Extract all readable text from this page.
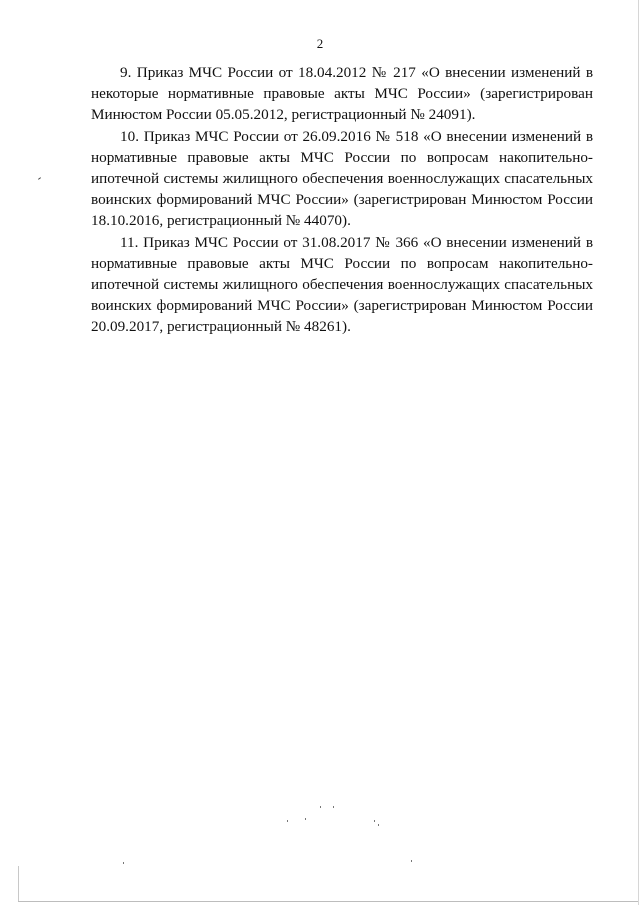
2

9. Приказ МЧС России от 18.04.2012 № 217 «О внесении изменений в некоторые нормативные правовые акты МЧС России» (зарегистрирован Минюстом России 05.05.2012, регистрационный № 24091).

10. Приказ МЧС России от 26.09.2016 № 518 «О внесении изменений в нормативные правовые акты МЧС России по вопросам накопительно-ипотечной системы жилищного обеспечения военнослужащих спасательных воинских формирований МЧС России» (зарегистрирован Минюстом России 18.10.2016, регистрационный № 44070).

11. Приказ МЧС России от 31.08.2017 № 366 «О внесении изменений в нормативные правовые акты МЧС России по вопросам накопительно-ипотечной системы жилищного обеспечения военнослужащих спасательных воинских формирований МЧС России» (зарегистрирован Минюстом России 20.09.2017, регистрационный № 48261).
